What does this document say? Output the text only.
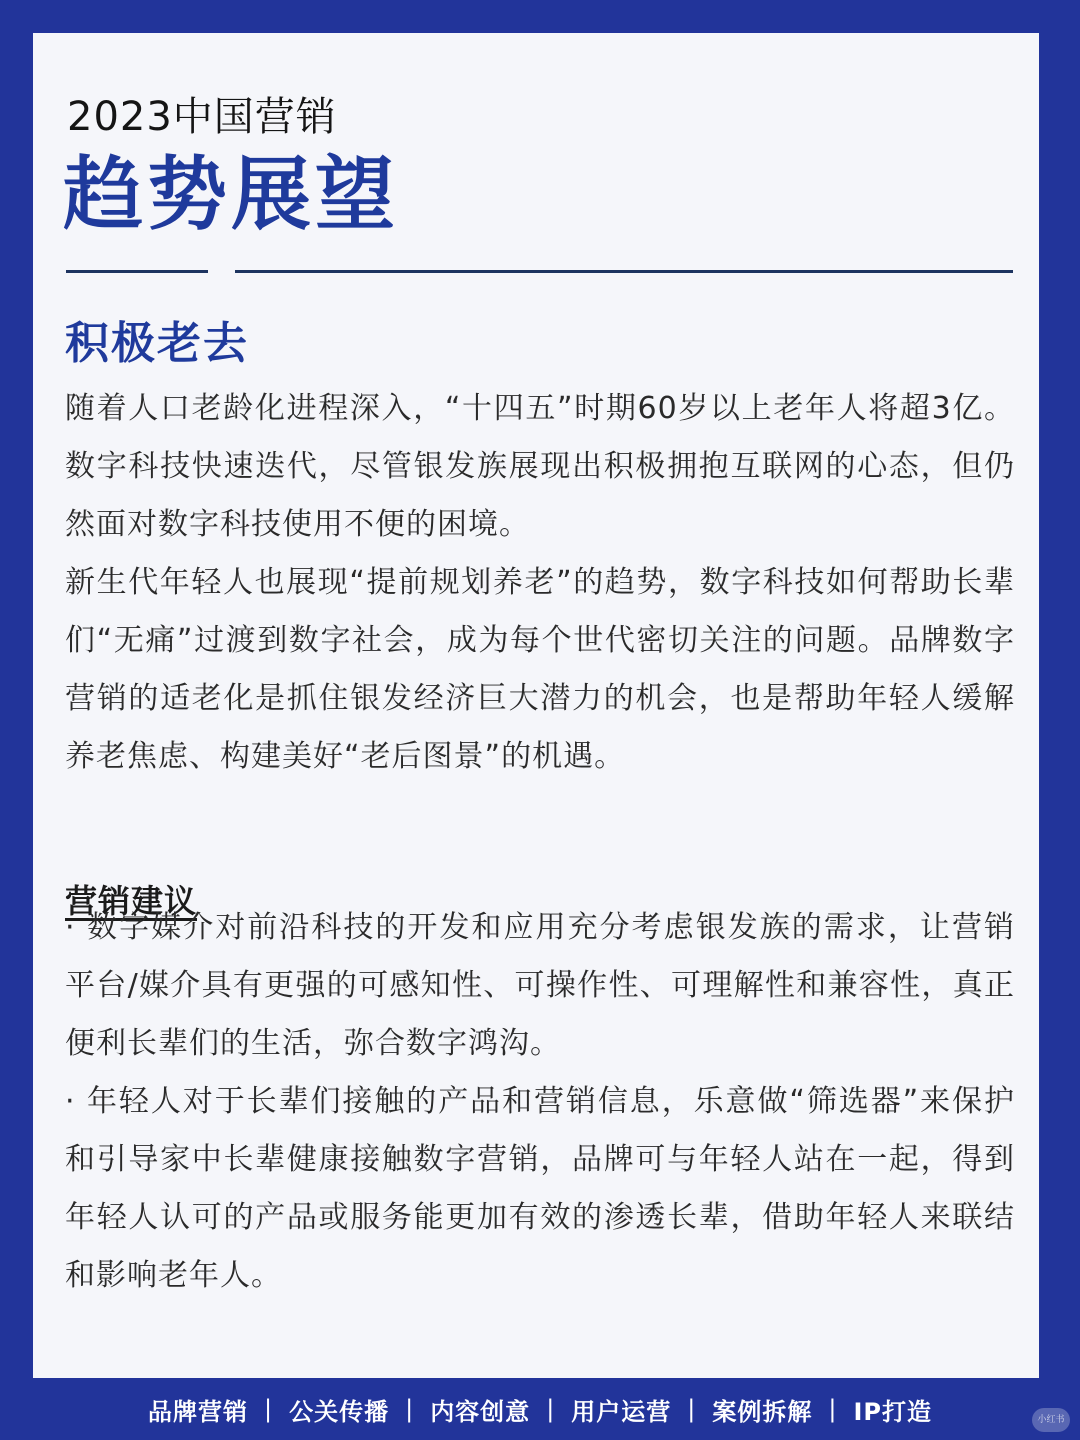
2023中国营销
趋势展望
积极老去

随着人口老龄化进程深入，“十四五”时期60岁以上老年人将超3亿。数字科技快速迭代，尽管银发族展现出积极拥抱互联网的心态，但仍然面对数字科技使用不便的困境。

新生代年轻人也展现“提前规划养老”的趋势，数字科技如何帮助长辈们“无痛”过渡到数字社会，成为每个世代密切关注的问题。品牌数字营销的适老化是抓住银发经济巨大潜力的机会，也是帮助年轻人缓解养老焦虑、构建美好“老后图景”的机遇。

营销建议

· 数字媒介对前沿科技的开发和应用充分考虑银发族的需求，让营销平台/媒介具有更强的可感知性、可操作性、可理解性和兼容性，真正便利长辈们的生活，弥合数字鸿沟。

· 年轻人对于长辈们接触的产品和营销信息，乐意做“筛选器”来保护和引导家中长辈健康接触数字营销，品牌可与年轻人站在一起，得到年轻人认可的产品或服务能更加有效的渗透长辈，借助年轻人来联结和影响老年人。

品牌营销 | 公关传播 | 内容创意 | 用户运营 | 案例拆解 | IP打造	小红书
